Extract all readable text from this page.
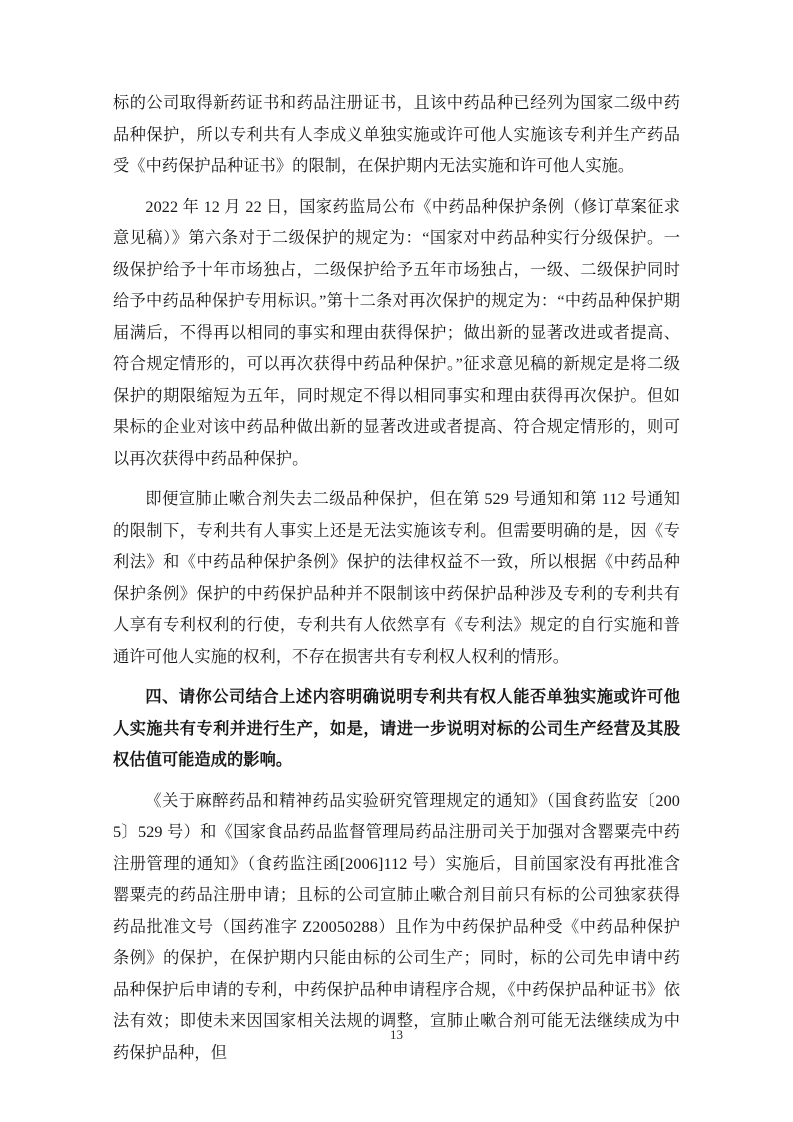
标的公司取得新药证书和药品注册证书，且该中药品种已经列为国家二级中药品种保护，所以专利共有人李成义单独实施或许可他人实施该专利并生产药品受《中药保护品种证书》的限制，在保护期内无法实施和许可他人实施。

2022 年 12 月 22 日，国家药监局公布《中药品种保护条例（修订草案征求意见稿）》第六条对于二级保护的规定为：“国家对中药品种实行分级保护。一级保护给予十年市场独占，二级保护给予五年市场独占，一级、二级保护同时给予中药品种保护专用标识。”第十二条对再次保护的规定为：“中药品种保护期届满后，不得再以相同的事实和理由获得保护；做出新的显著改进或者提高、符合规定情形的，可以再次获得中药品种保护。”征求意见稿的新规定是将二级保护的期限缩短为五年，同时规定不得以相同事实和理由获得再次保护。但如果标的企业对该中药品种做出新的显著改进或者提高、符合规定情形的，则可以再次获得中药品种保护。

即便宣肺止嗽合剂失去二级品种保护，但在第 529 号通知和第 112 号通知的限制下，专利共有人事实上还是无法实施该专利。但需要明确的是，因《专利法》和《中药品种保护条例》保护的法律权益不一致，所以根据《中药品种保护条例》保护的中药保护品种并不限制该中药保护品种涉及专利的专利共有人享有专利权利的行使，专利共有人依然享有《专利法》规定的自行实施和普通许可他人实施的权利，不存在损害共有专利权人权利的情形。

四、请你公司结合上述内容明确说明专利共有权人能否单独实施或许可他人实施共有专利并进行生产，如是，请进一步说明对标的公司生产经营及其股权估值可能造成的影响。

《关于麻醉药品和精神药品实验研究管理规定的通知》（国食药监安〔2005〕529 号）和《国家食品药品监督管理局药品注册司关于加强对含罂粟壳中药注册管理的通知》（食药监注函[2006]112 号）实施后，目前国家没有再批准含罂粟壳的药品注册申请；且标的公司宣肺止嗽合剂目前只有标的公司独家获得药品批准文号（国药准字 Z20050288）且作为中药保护品种受《中药品种保护条例》的保护，在保护期内只能由标的公司生产；同时，标的公司先申请中药品种保护后申请的专利，中药保护品种申请程序合规，《中药保护品种证书》依法有效；即使未来因国家相关法规的调整，宣肺止嗽合剂可能无法继续成为中药保护品种，但

13
